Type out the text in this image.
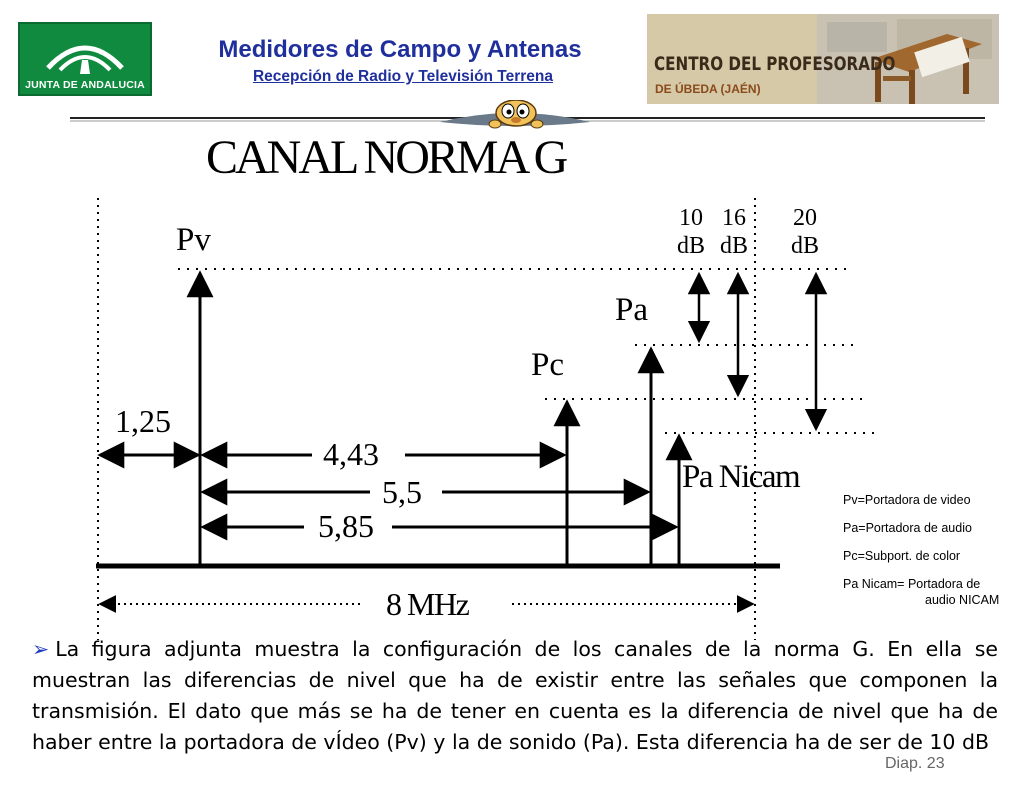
JUNTA DE ANDALUCIA
Medidores de Campo y Antenas
Recepción de Radio y Televisión Terrena
CENTRO DEL PROFESORADO
DE ÚBEDA (JAÉN)
CANAL NORMA G
Pv
Pc
Pa
Pa Nicam
10
dB
16
dB
20
dB
1,25
4,43
5,5
5,85
8 MHz
Pv=Portadora de video
Pa=Portadora de audio
Pc=Subport. de color
Pa Nicam= Portadora de
audio NICAM
➢ La figura adjunta muestra la configuración de los canales de la norma G. En ella se muestran las diferencias de nivel que ha de existir entre las señales que componen la transmisión. El dato que más se ha de tener en cuenta es la diferencia de nivel que ha de haber entre la portadora de vÍdeo (Pv) y la de sonido (Pa). Esta diferencia ha de ser de 10 dB
Diap. 23
